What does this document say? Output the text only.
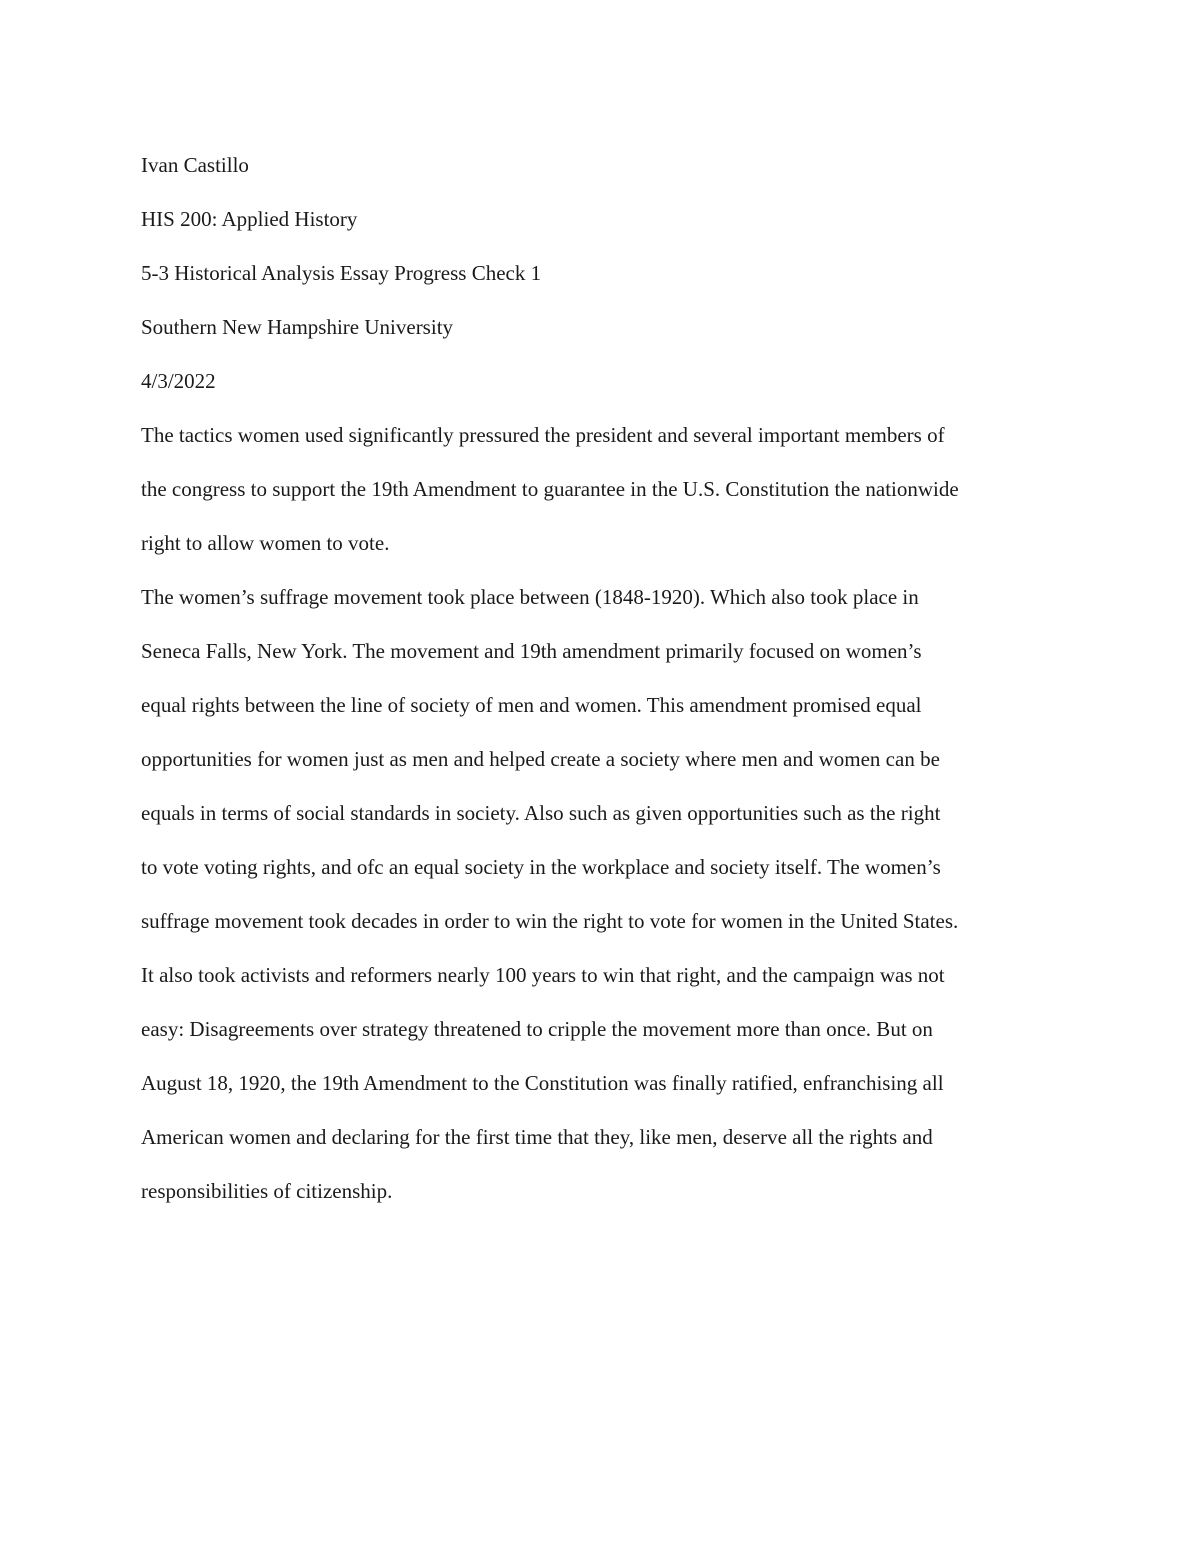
Ivan Castillo
HIS 200: Applied History
5-3 Historical Analysis Essay Progress Check 1
Southern New Hampshire University
4/3/2022
The tactics women used significantly pressured the president and several important members of
the congress to support the 19th Amendment to guarantee in the U.S. Constitution the nationwide
right to allow women to vote.
The women’s suffrage movement took place between (1848-1920). Which also took place in
Seneca Falls, New York. The movement and 19th amendment primarily focused on women’s
equal rights between the line of society of men and women. This amendment promised equal
opportunities for women just as men and helped create a society where men and women can be
equals in terms of social standards in society. Also such as given opportunities such as the right
to vote voting rights, and ofc an equal society in the workplace and society itself. The women’s
suffrage movement took decades in order to win the right to vote for women in the United States.
It also took activists and reformers nearly 100 years to win that right, and the campaign was not
easy: Disagreements over strategy threatened to cripple the movement more than once. But on
August 18, 1920, the 19th Amendment to the Constitution was finally ratified, enfranchising all
American women and declaring for the first time that they, like men, deserve all the rights and
responsibilities of citizenship.
